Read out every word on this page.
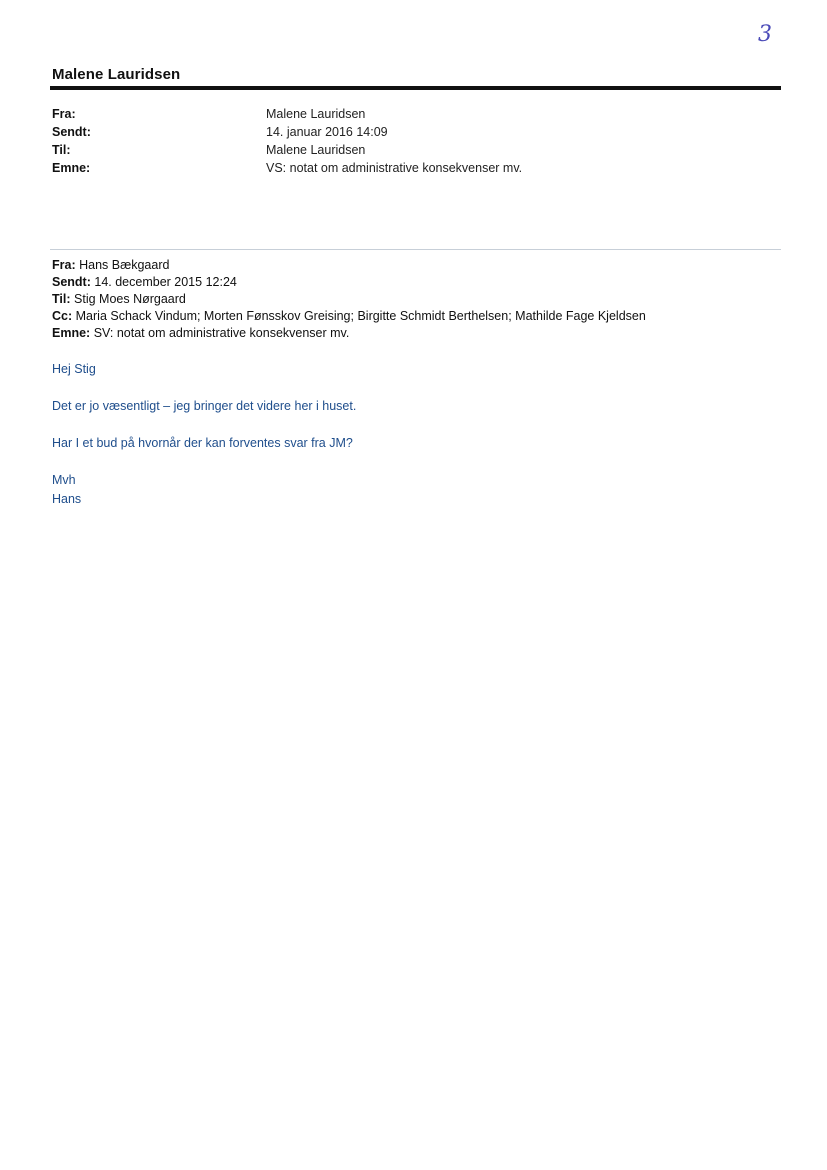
3
Malene Lauridsen
Fra:	Malene Lauridsen
Sendt:	14. januar 2016 14:09
Til:	Malene Lauridsen
Emne:	VS: notat om administrative konsekvenser mv.
Fra: Hans Bækgaard
Sendt: 14. december 2015 12:24
Til: Stig Moes Nørgaard
Cc: Maria Schack Vindum; Morten Fønsskov Greising; Birgitte Schmidt Berthelsen; Mathilde Fage Kjeldsen
Emne: SV: notat om administrative konsekvenser mv.
Hej Stig
Det er jo væsentligt – jeg bringer det videre her i huset.
Har I et bud på hvornår der kan forventes svar fra JM?
Mvh
Hans
